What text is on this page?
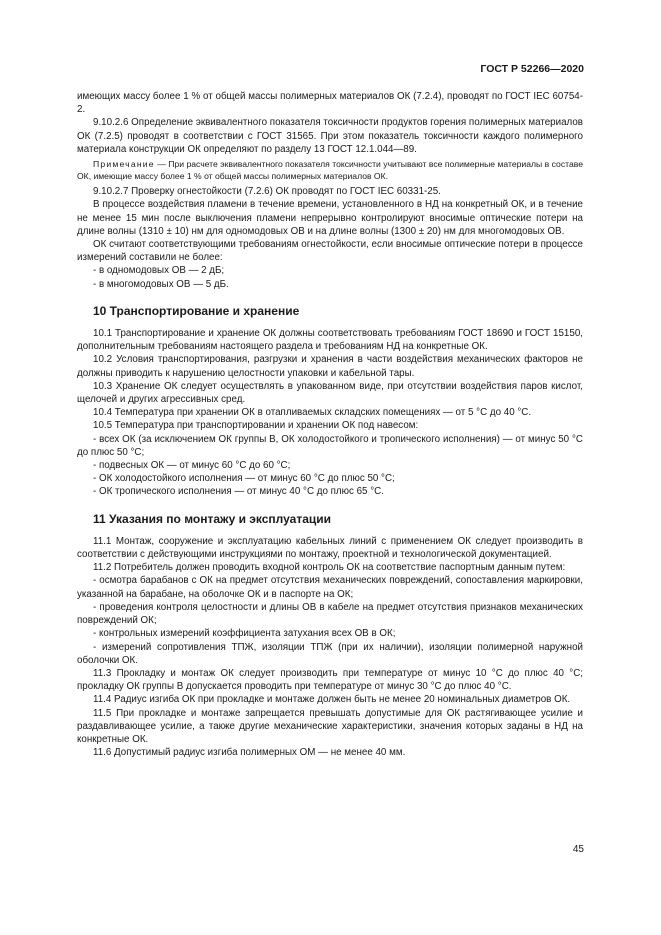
ГОСТ Р 52266—2020

имеющих массу более 1 % от общей массы полимерных материалов ОК (7.2.4), проводят по ГОСТ IEC 60754-2.

9.10.2.6 Определение эквивалентного показателя токсичности продуктов горения полимерных материалов ОК (7.2.5) проводят в соответствии с ГОСТ 31565. При этом показатель токсичности каждого полимерного материала конструкции ОК определяют по разделу 13 ГОСТ 12.1.044—89.

Примечание — При расчете эквивалентного показателя токсичности учитывают все полимерные материалы в составе ОК, имеющие массу более 1 % от общей массы полимерных материалов ОК.

9.10.2.7 Проверку огнестойкости (7.2.6) ОК проводят по ГОСТ IEC 60331-25.

В процессе воздействия пламени в течение времени, установленного в НД на конкретный ОК, и в течение не менее 15 мин после выключения пламени непрерывно контролируют вносимые оптические потери на длине волны (1310 ± 10) нм для одномодовых ОВ и на длине волны (1300 ± 20) нм для многомодовых ОВ.

ОК считают соответствующими требованиям огнестойкости, если вносимые оптические потери в процессе измерений составили не более:

- в одномодовых ОВ — 2 дБ;

- в многомодовых ОВ — 5 дБ.

10 Транспортирование и хранение

10.1 Транспортирование и хранение ОК должны соответствовать требованиям ГОСТ 18690 и ГОСТ 15150, дополнительным требованиям настоящего раздела и требованиям НД на конкретные ОК.

10.2 Условия транспортирования, разгрузки и хранения в части воздействия механических факторов не должны приводить к нарушению целостности упаковки и кабельной тары.

10.3 Хранение ОК следует осуществлять в упакованном виде, при отсутствии воздействия паров кислот, щелочей и других агрессивных сред.

10.4 Температура при хранении ОК в отапливаемых складских помещениях — от 5 °С до 40 °С.

10.5 Температура при транспортировании и хранении ОК под навесом:

- всех ОК (за исключением ОК группы В, ОК холодостойкого и тропического исполнения) — от минус 50 °С до плюс 50 °С;

- подвесных ОК — от минус 60 °С до 60 °С;

- ОК холодостойкого исполнения — от минус 60 °С до плюс 50 °С;

- ОК тропического исполнения — от минус 40 °С до плюс 65 °С.

11 Указания по монтажу и эксплуатации

11.1 Монтаж, сооружение и эксплуатацию кабельных линий с применением ОК следует производить в соответствии с действующими инструкциями по монтажу, проектной и технологической документацией.

11.2 Потребитель должен проводить входной контроль ОК на соответствие паспортным данным путем:

- осмотра барабанов с ОК на предмет отсутствия механических повреждений, сопоставления маркировки, указанной на барабане, на оболочке ОК и в паспорте на ОК;

- проведения контроля целостности и длины ОВ в кабеле на предмет отсутствия признаков механических повреждений ОК;

- контрольных измерений коэффициента затухания всех ОВ в ОК;

- измерений сопротивления ТПЖ, изоляции ТПЖ (при их наличии), изоляции полимерной наружной оболочки ОК.

11.3 Прокладку и монтаж ОК следует производить при температуре от минус 10 °С до плюс 40 °С; прокладку ОК группы В допускается проводить при температуре от минус 30 °С до плюс 40 °С.

11.4 Радиус изгиба ОК при прокладке и монтаже должен быть не менее 20 номинальных диаметров ОК.

11.5 При прокладке и монтаже запрещается превышать допустимые для ОК растягивающее усилие и раздавливающее усилие, а также другие механические характеристики, значения которых заданы в НД на конкретные ОК.

11.6 Допустимый радиус изгиба полимерных ОМ — не менее 40 мм.

45
